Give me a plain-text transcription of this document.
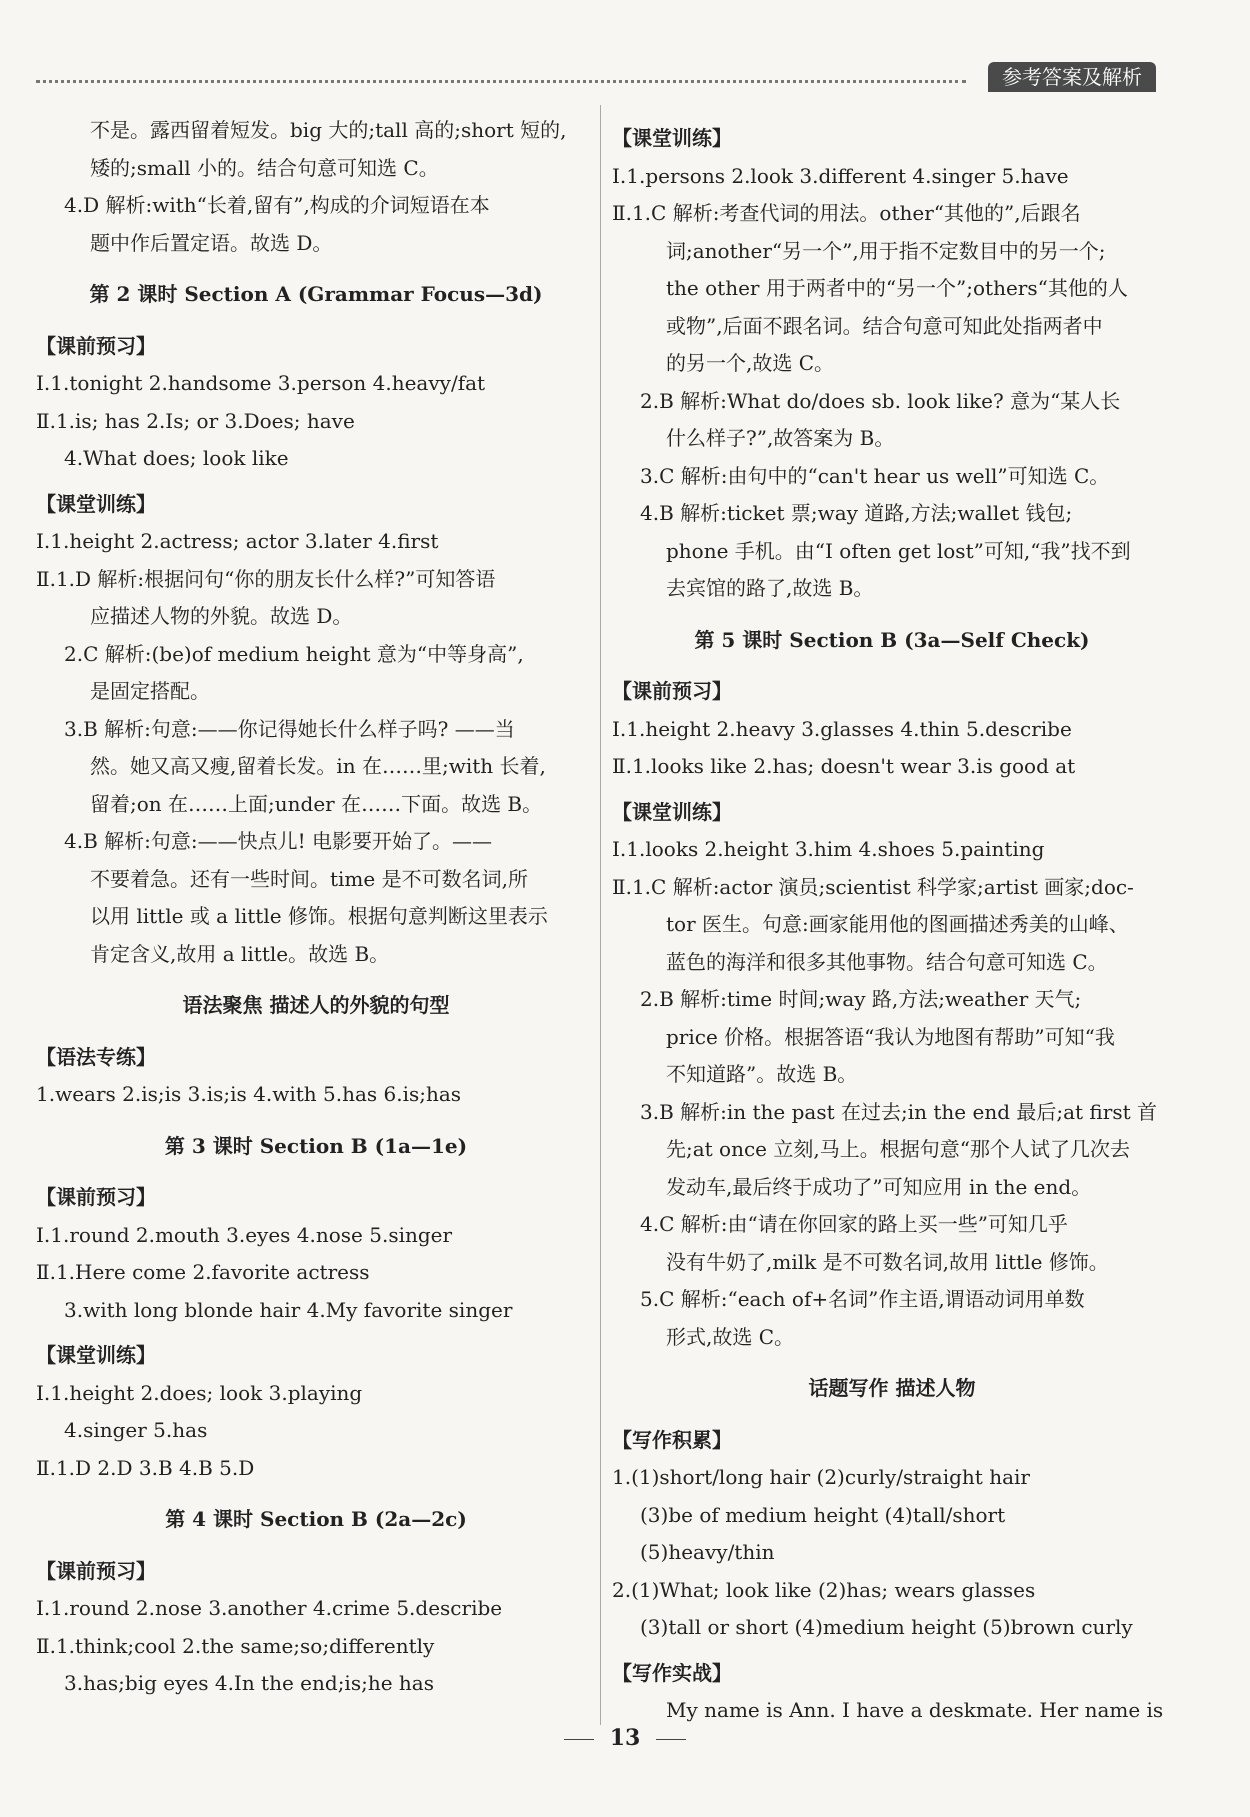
参考答案及解析
不是。露西留着短发。big 大的;tall 高的;short 短的,
矮的;small 小的。结合句意可知选 C。
4.D 解析:with“长着,留有”,构成的介词短语在本
题中作后置定语。故选 D。
第 2 课时 Section A (Grammar Focus—3d)
【课前预习】
Ⅰ.1.tonight 2.handsome 3.person 4.heavy/fat
Ⅱ.1.is; has 2.Is; or 3.Does; have
4.What does; look like
【课堂训练】
Ⅰ.1.height 2.actress; actor 3.later 4.first
Ⅱ.1.D 解析:根据问句“你的朋友长什么样?”可知答语
应描述人物的外貌。故选 D。
2.C 解析:(be)of medium height 意为“中等身高”,
是固定搭配。
3.B 解析:句意:——你记得她长什么样子吗? ——当
然。她又高又瘦,留着长发。in 在……里;with 长着,
留着;on 在……上面;under 在……下面。故选 B。
4.B 解析:句意:——快点儿! 电影要开始了。——
不要着急。还有一些时间。time 是不可数名词,所
以用 little 或 a little 修饰。根据句意判断这里表示
肯定含义,故用 a little。故选 B。
语法聚焦 描述人的外貌的句型
【语法专练】
1.wears 2.is;is 3.is;is 4.with 5.has 6.is;has
第 3 课时 Section B (1a—1e)
【课前预习】
Ⅰ.1.round 2.mouth 3.eyes 4.nose 5.singer
Ⅱ.1.Here come 2.favorite actress
3.with long blonde hair 4.My favorite singer
【课堂训练】
Ⅰ.1.height 2.does; look 3.playing
4.singer 5.has
Ⅱ.1.D 2.D 3.B 4.B 5.D
第 4 课时 Section B (2a—2c)
【课前预习】
Ⅰ.1.round 2.nose 3.another 4.crime 5.describe
Ⅱ.1.think;cool 2.the same;so;differently
3.has;big eyes 4.In the end;is;he has
【课堂训练】
Ⅰ.1.persons 2.look 3.different 4.singer 5.have
Ⅱ.1.C 解析:考查代词的用法。other“其他的”,后跟名
词;another“另一个”,用于指不定数目中的另一个;
the other 用于两者中的“另一个”;others“其他的人
或物”,后面不跟名词。结合句意可知此处指两者中
的另一个,故选 C。
2.B 解析:What do/does sb. look like? 意为“某人长
什么样子?”,故答案为 B。
3.C 解析:由句中的“can't hear us well”可知选 C。
4.B 解析:ticket 票;way 道路,方法;wallet 钱包;
phone 手机。由“I often get lost”可知,“我”找不到
去宾馆的路了,故选 B。
第 5 课时 Section B (3a—Self Check)
【课前预习】
Ⅰ.1.height 2.heavy 3.glasses 4.thin 5.describe
Ⅱ.1.looks like 2.has; doesn't wear 3.is good at
【课堂训练】
Ⅰ.1.looks 2.height 3.him 4.shoes 5.painting
Ⅱ.1.C 解析:actor 演员;scientist 科学家;artist 画家;doc-
tor 医生。句意:画家能用他的图画描述秀美的山峰、
蓝色的海洋和很多其他事物。结合句意可知选 C。
2.B 解析:time 时间;way 路,方法;weather 天气;
price 价格。根据答语“我认为地图有帮助”可知“我
不知道路”。故选 B。
3.B 解析:in the past 在过去;in the end 最后;at first 首
先;at once 立刻,马上。根据句意“那个人试了几次去
发动车,最后终于成功了”可知应用 in the end。
4.C 解析:由“请在你回家的路上买一些”可知几乎
没有牛奶了,milk 是不可数名词,故用 little 修饰。
5.C 解析:“each of+名词”作主语,谓语动词用单数
形式,故选 C。
话题写作 描述人物
【写作积累】
1.(1)short/long hair (2)curly/straight hair
(3)be of medium height (4)tall/short
(5)heavy/thin
2.(1)What; look like (2)has; wears glasses
(3)tall or short (4)medium height (5)brown curly
【写作实战】
My name is Ann. I have a deskmate. Her name is
13
